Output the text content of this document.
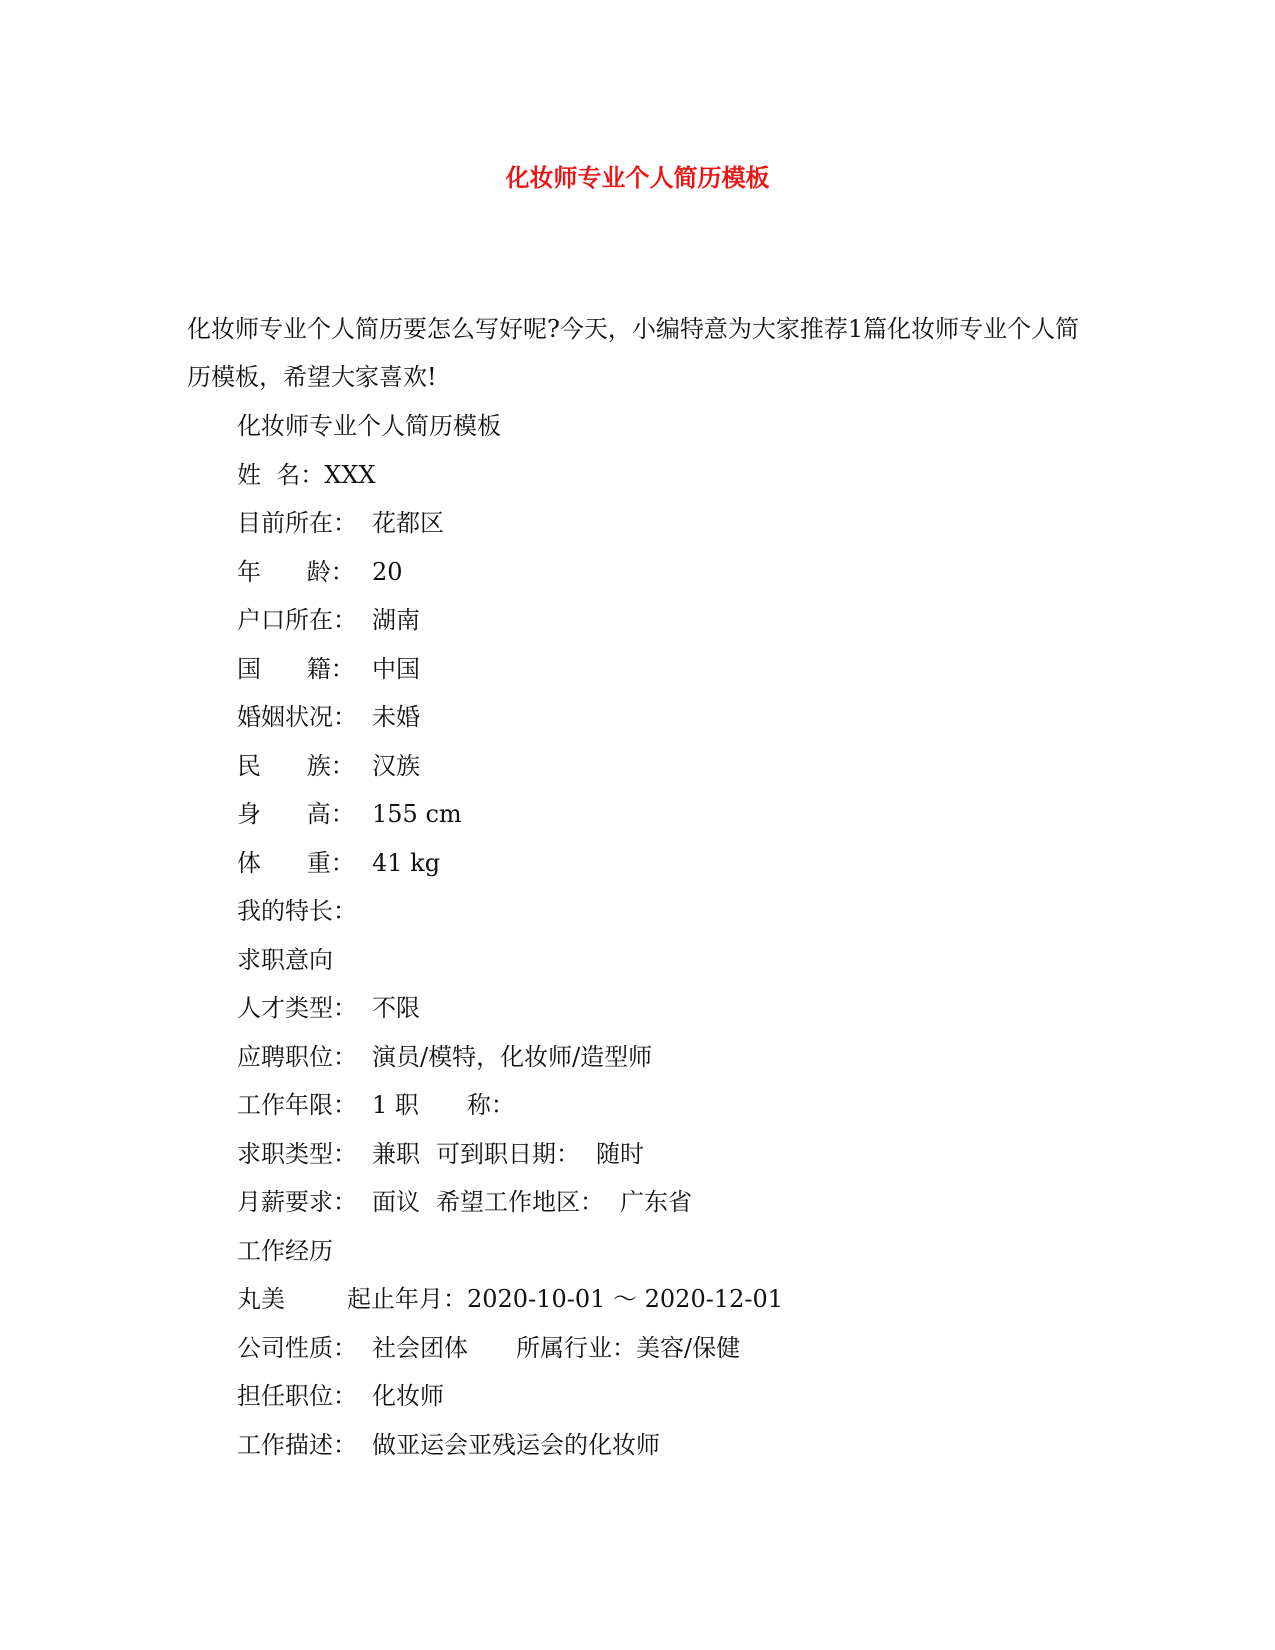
化妆师专业个人简历模板
化妆师专业个人简历要怎么写好呢?今天，小编特意为大家推荐1篇化妆师专业个人简历模板，希望大家喜欢!
化妆师专业个人简历模板
姓  名：XXX
目前所在： 花都区
年      龄： 20
户口所在： 湖南
国      籍： 中国
婚姻状况： 未婚
民      族： 汉族
身      高： 155 cm
体      重： 41 kg
我的特长：
求职意向
人才类型： 不限
应聘职位： 演员/模特，化妆师/造型师
工作年限： 1 职 称：
求职类型： 兼职 可到职日期： 随时
月薪要求： 面议 希望工作地区： 广东省
工作经历
丸美	起止年月：2020-10-01 ～ 2020-12-01
公司性质： 社会团体 所属行业：美容/保健
担任职位： 化妆师
工作描述： 做亚运会亚残运会的化妆师
